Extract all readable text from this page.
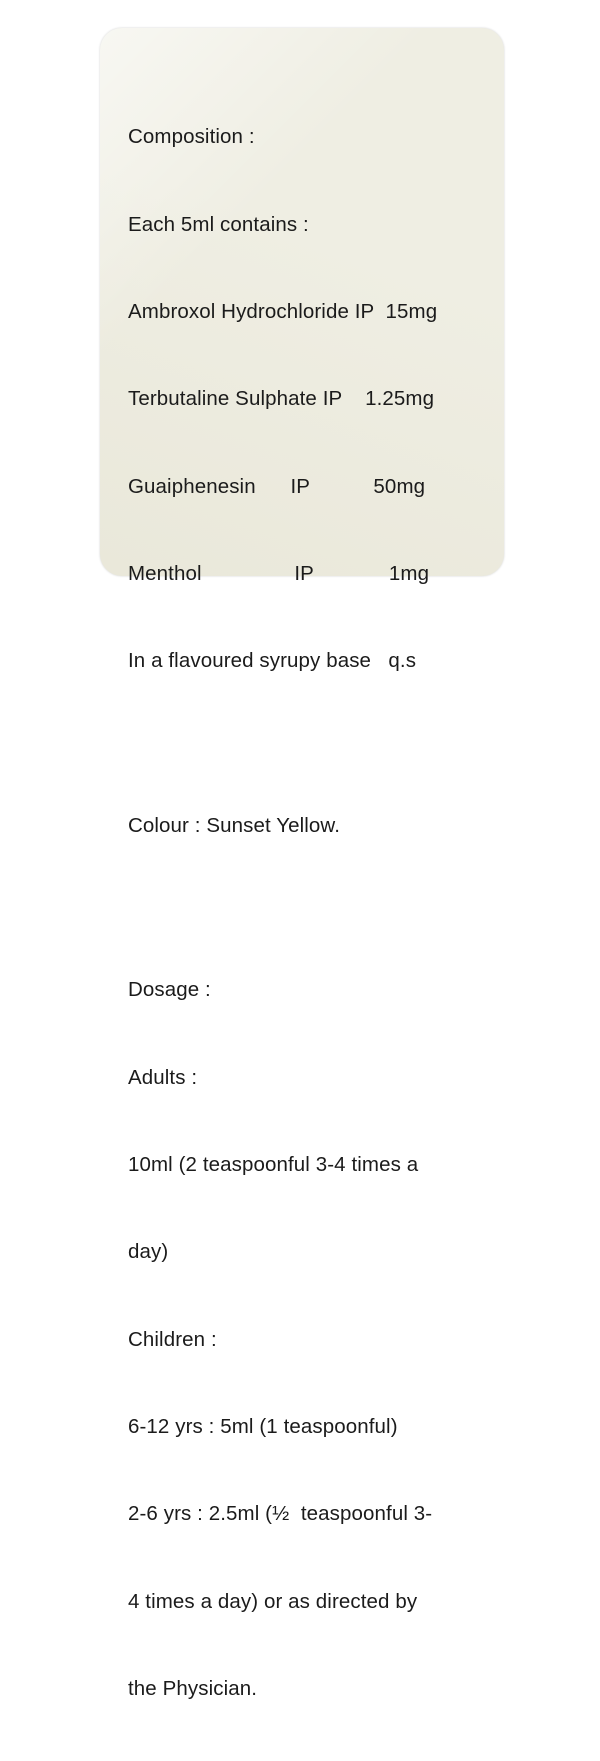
Composition :

Each 5ml contains :

Ambroxol Hydrochloride IP  15mg

Terbutaline Sulphate IP    1.25mg

Guaiphenesin      IP           50mg

Menthol                IP             1mg

In a flavoured syrupy base   q.s

Colour : Sunset Yellow.

Dosage :

Adults :

10ml (2 teaspoonful 3-4 times a

day)

Children :

6-12 yrs : 5ml (1 teaspoonful)

2-6 yrs : 2.5ml (½  teaspoonful 3-

4 times a day) or as directed by

the Physician.
